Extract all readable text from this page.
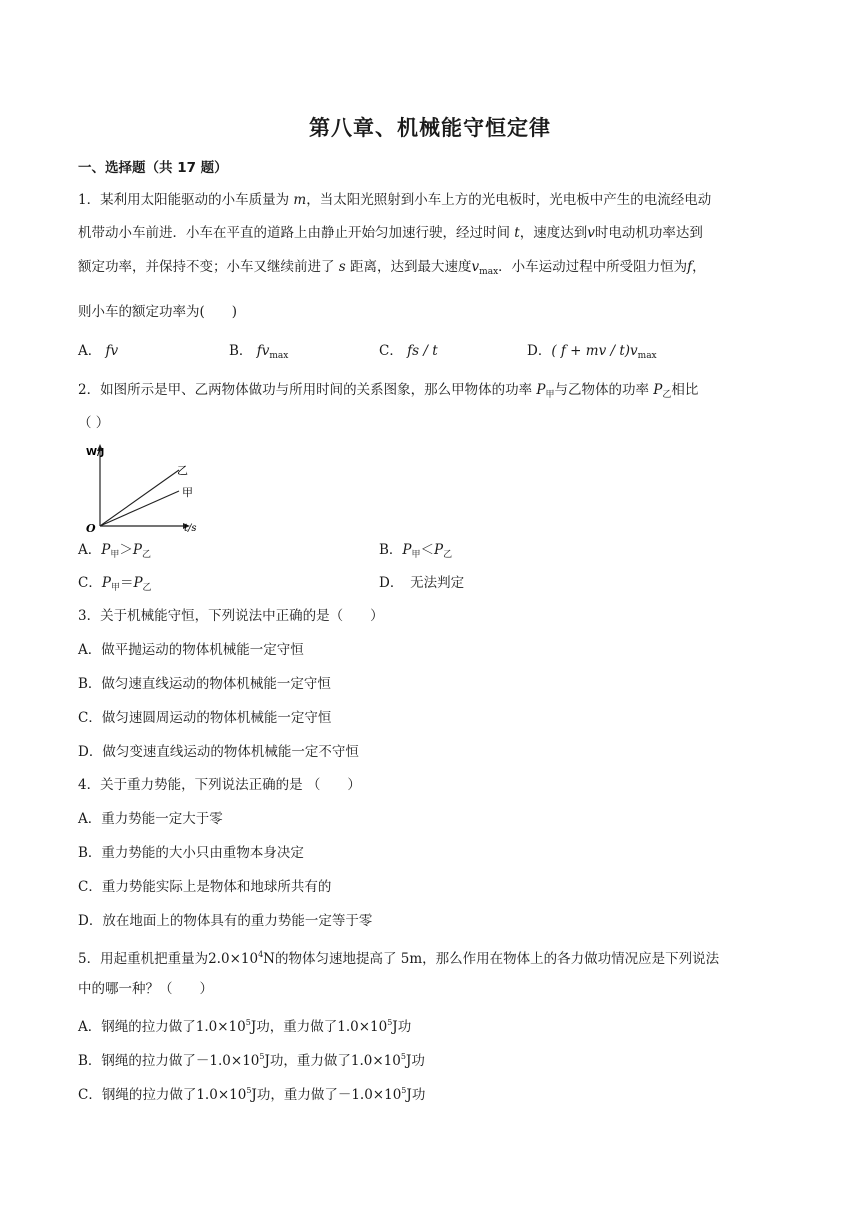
第八章、机械能守恒定律
一、选择题（共 17 题）
1．某利用太阳能驱动的小车质量为 m，当太阳光照射到小车上方的光电板时，光电板中产生的电流经电动
机带动小车前进．小车在平直的道路上由静止开始匀加速行驶，经过时间 t，速度达到v时电动机功率达到
额定功率，并保持不变；小车又继续前进了 s 距离，达到最大速度$v_{max}$．小车运动过程中所受阻力恒为f，
则小车的额定功率为(　　)
A． fv	B． $fv_{max}$	C． fs / t	D．( f + mv / $t)v_{max}$
2．如图所示是甲、乙两物体做功与所用时间的关系图象，那么甲物体的功率 $P_甲$与乙物体的功率 $P_乙$相比
（ ）
W/J
O	t/s
乙
甲
A．$P_甲>P_乙$	B．$P_甲<P_乙$
C．$P_甲=P_乙$	D．　无法判定
3．关于机械能守恒，下列说法中正确的是（　　）
A．做平抛运动的物体机械能一定守恒
B．做匀速直线运动的物体机械能一定守恒
C．做匀速圆周运动的物体机械能一定守恒
D．做匀变速直线运动的物体机械能一定不守恒
4．关于重力势能，下列说法正确的是 （　　）
A．重力势能一定大于零
B．重力势能的大小只由重物本身决定
C．重力势能实际上是物体和地球所共有的
D．放在地面上的物体具有的重力势能一定等于零
5．用起重机把重量为$2.0\times 10^4N$的物体匀速地提高了 5m，那么作用在物体上的各力做功情况应是下列说法
中的哪一种？（　　）
A．钢绳的拉力做了$1.0\times 10^5J$功，重力做了$1.0\times 10^5J$功
B．钢绳的拉力做了$-1.0\times 10^5J$功，重力做了$1.0\times 10^5J$功
C．钢绳的拉力做了$1.0\times 10^5J$功，重力做了$-1.0\times 10^5J$功
